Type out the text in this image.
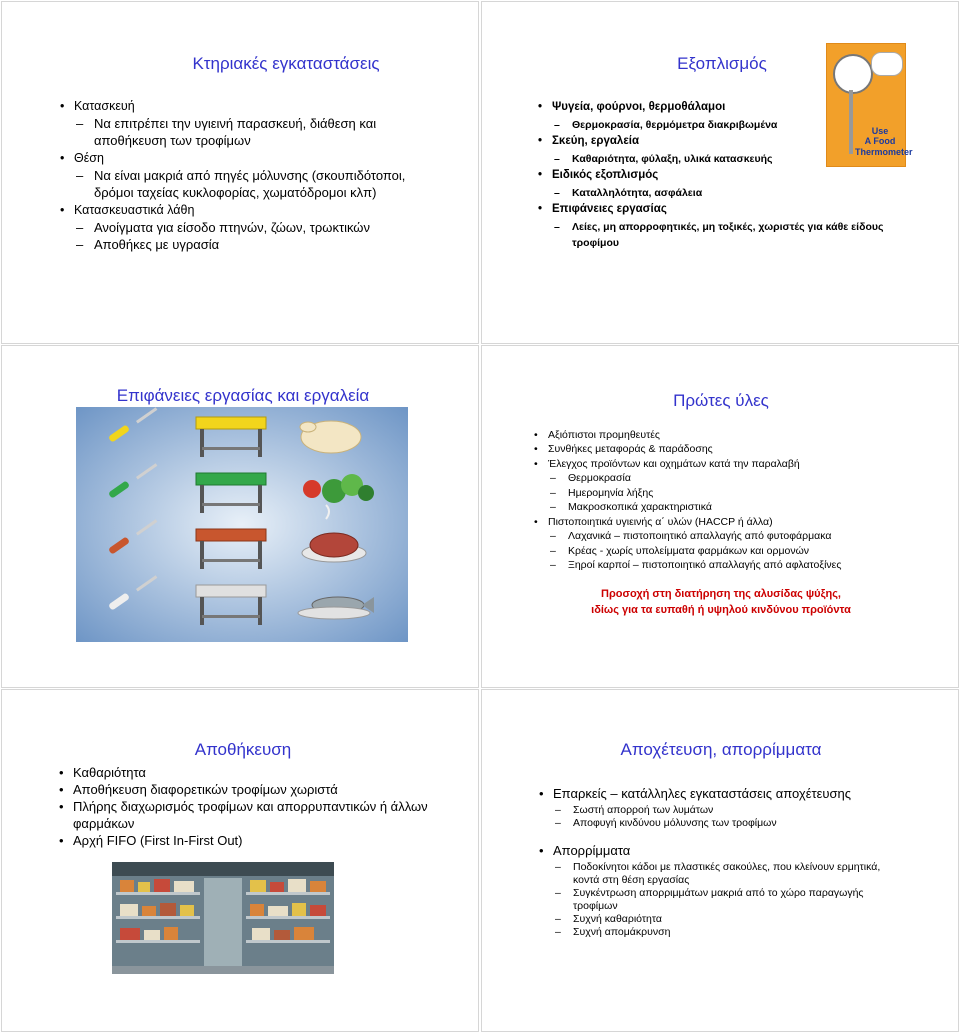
Κτηριακές εγκαταστάσεις
• Κατασκευή
– Να επιτρέπει την υγιεινή παρασκευή, διάθεση και αποθήκευση των τροφίμων
• Θέση
– Να είναι μακριά από πηγές μόλυνσης (σκουπιδότοποι, δρόμοι ταχείας κυκλοφορίας, χωματόδρομοι κλπ)
• Κατασκευαστικά λάθη
– Ανοίγματα για είσοδο πτηνών, ζώων, τρωκτικών
– Αποθήκες με υγρασία
Εξοπλισμός
• Ψυγεία, φούρνοι, θερμοθάλαμοι
– Θερμοκρασία, θερμόμετρα διακριβωμένα
• Σκεύη, εργαλεία
– Καθαριότητα, φύλαξη, υλικά κατασκευής
• Ειδικός εξοπλισμός
– Καταλληλότητα, ασφάλεια
• Επιφάνειες εργασίας
– Λείες, μη απορροφητικές, μη τοξικές, χωριστές για κάθε είδους τροφίμου
Use
A Food
Thermometer
Επιφάνειες εργασίας και εργαλεία	Πρώτες ύλες
• Αξιόπιστοι προμηθευτές
• Συνθήκες μεταφοράς & παράδοσης
• Έλεγχος προϊόντων και οχημάτων κατά την παραλαβή
– Θερμοκρασία
– Ημερομηνία λήξης
– Μακροσκοπικά χαρακτηριστικά
• Πιστοποιητικά υγιεινής α΄ υλών (HACCP ή άλλα)
– Λαχανικά – πιστοποιητικό απαλλαγής από φυτοφάρμακα
– Κρέας - χωρίς υπολείμματα φαρμάκων και ορμονών
– Ξηροί καρποί – πιστοποιητικό απαλλαγής από αφλατοξίνες
Προσοχή στη διατήρηση της αλυσίδας ψύξης,
ιδίως για τα ευπαθή ή υψηλού κινδύνου προϊόντα
Αποθήκευση
• Καθαριότητα
• Αποθήκευση διαφορετικών τροφίμων χωριστά
• Πλήρης διαχωρισμός τροφίμων και απορρυπαντικών ή άλλων φαρμάκων
• Αρχή FIFO (First In-First Out)
Αποχέτευση, απορρίμματα
• Επαρκείς – κατάλληλες εγκαταστάσεις αποχέτευσης
– Σωστή απορροή των λυμάτων
– Αποφυγή κινδύνου μόλυνσης των τροφίμων
• Απορρίμματα
– Ποδοκίνητοι κάδοι με πλαστικές σακούλες, που κλείνουν ερμητικά, κοντά στη θέση εργασίας
– Συγκέντρωση απορριμμάτων μακριά από το χώρο παραγωγής τροφίμων
– Συχνή καθαριότητα
– Συχνή απομάκρυνση
